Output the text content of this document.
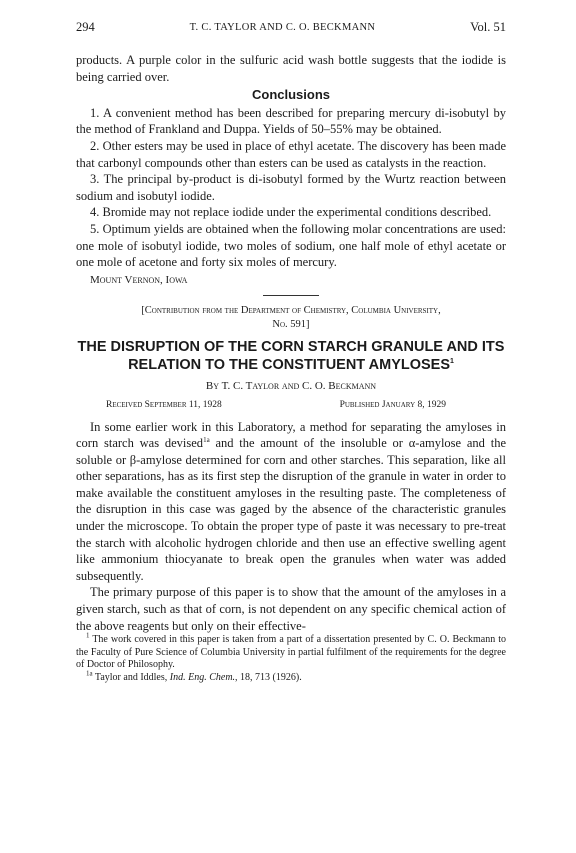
294	T. C. TAYLOR AND C. O. BECKMANN	Vol. 51

products. A purple color in the sulfuric acid wash bottle suggests that the iodide is being carried over.

Conclusions

1. A convenient method has been described for preparing mercury di-isobutyl by the method of Frankland and Duppa. Yields of 50–55% may be obtained.

2. Other esters may be used in place of ethyl acetate. The discovery has been made that carbonyl compounds other than esters can be used as catalysts in the reaction.

3. The principal by-product is di-isobutyl formed by the Wurtz reaction between sodium and isobutyl iodide.

4. Bromide may not replace iodide under the experimental conditions described.

5. Optimum yields are obtained when the following molar concentrations are used: one mole of isobutyl iodide, two moles of sodium, one half mole of ethyl acetate or one mole of acetone and forty six moles of mercury.

Mount Vernon, Iowa
[Contribution from the Department of Chemistry, Columbia University,
No. 591]
THE DISRUPTION OF THE CORN STARCH GRANULE AND ITS RELATION TO THE CONSTITUENT AMYLOSES$^1$
By T. C. Taylor and C. O. Beckmann
Received September 11, 1928	Published January 8, 1929

In some earlier work in this Laboratory, a method for separating the amyloses in corn starch was devised$^{1a}$ and the amount of the insoluble or α-amylose and the soluble or β-amylose determined for corn and other starches. This separation, like all other separations, has as its first step the disruption of the granule in water in order to make available the constituent amyloses in the resulting paste. The completeness of the disruption in this case was gaged by the absence of the characteristic granules under the microscope. To obtain the proper type of paste it was necessary to pre-treat the starch with alcoholic hydrogen chloride and then use an effective swelling agent like ammonium thiocyanate to break open the granules when water was added subsequently.

The primary purpose of this paper is to show that the amount of the amyloses in a given starch, such as that of corn, is not dependent on any specific chemical action of the above reagents but only on their effective-

$^1$ The work covered in this paper is taken from a part of a dissertation presented by C. O. Beckmann to the Faculty of Pure Science of Columbia University in partial fulfilment of the requirements for the degree of Doctor of Philosophy.

$^{1a}$ Taylor and Iddles, Ind. Eng. Chem., 18, 713 (1926).
